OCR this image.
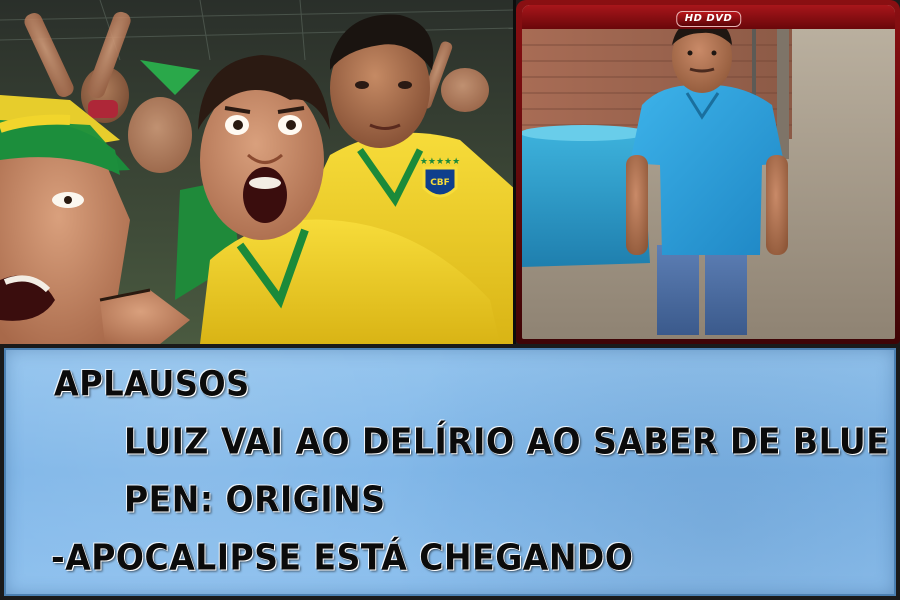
CBF
★★★★★
HD DVD

APLAUSOS

LUIZ VAI AO DELÍRIO AO SABER DE BLUE

PEN: ORIGINS

-APOCALIPSE ESTÁ CHEGANDO
